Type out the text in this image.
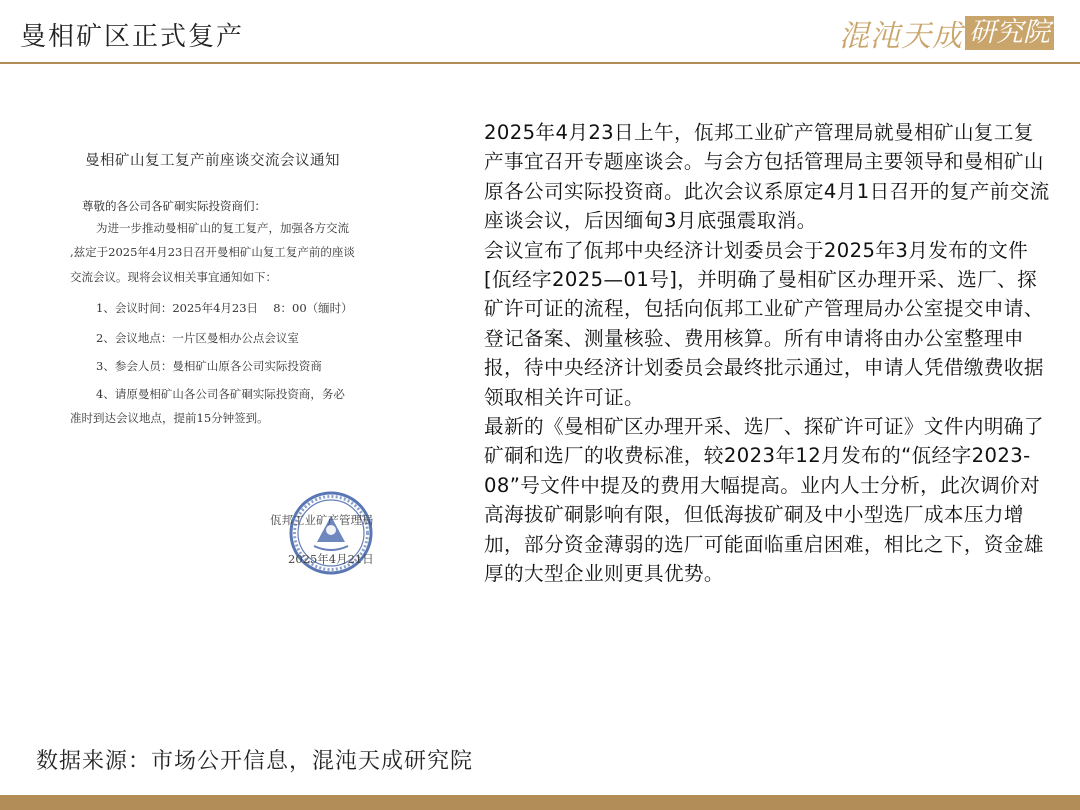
曼相矿区正式复产	混沌天成 研究院
曼相矿山复工复产前座谈交流会议通知
尊敬的各公司各矿硐实际投资商们：
为进一步推动曼相矿山的复工复产，加强各方交流
,兹定于2025年4月23日召开曼相矿山复工复产前的座谈
交流会议。现将会议相关事宜通知如下：
1、会议时间：2025年4月23日　 8：00（缅时）
2、会议地点：一片区曼相办公点会议室
3、参会人员：曼相矿山原各公司实际投资商
4、请原曼相矿山各公司各矿硐实际投资商，务必
准时到达会议地点，提前15分钟签到。
佤邦工业矿产管理局
2025年4月21日

2025年4月23日上午，佤邦工业矿产管理局就曼相矿山复工复产事宜召开专题座谈会。与会方包括管理局主要领导和曼相矿山原各公司实际投资商。此次会议系原定4月1日召开的复产前交流座谈会议，后因缅甸3月底强震取消。

会议宣布了佤邦中央经济计划委员会于2025年3月发布的文件[佤经字2025—01号]，并明确了曼相矿区办理开采、选厂、探矿许可证的流程，包括向佤邦工业矿产管理局办公室提交申请、登记备案、测量核验、费用核算。所有申请将由办公室整理申报，待中央经济计划委员会最终批示通过，申请人凭借缴费收据领取相关许可证。

最新的《曼相矿区办理开采、选厂、探矿许可证》文件内明确了矿硐和选厂的收费标准，较2023年12月发布的“佤经字2023-08”号文件中提及的费用大幅提高。业内人士分析，此次调价对高海拔矿硐影响有限，但低海拔矿硐及中小型选厂成本压力增加，部分资金薄弱的选厂可能面临重启困难，相比之下，资金雄厚的大型企业则更具优势。

数据来源：市场公开信息，混沌天成研究院
